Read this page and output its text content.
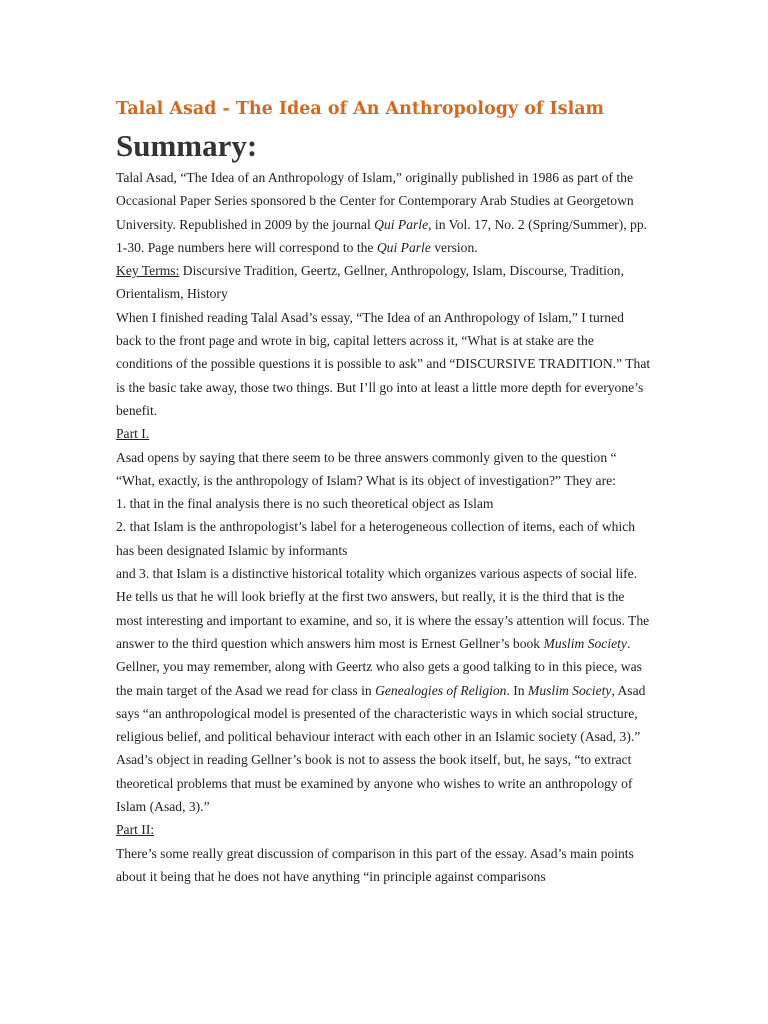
Talal Asad - The Idea of An Anthropology of Islam
Summary:

Talal Asad, “The Idea of an Anthropology of Islam,” originally published in 1986 as part of the Occasional Paper Series sponsored b the Center for Contemporary Arab Studies at Georgetown University. Republished in 2009 by the journal Qui Parle, in Vol. 17, No. 2 (Spring/Summer), pp. 1-30. Page numbers here will correspond to the Qui Parle version.

Key Terms: Discursive Tradition, Geertz, Gellner, Anthropology, Islam, Discourse, Tradition, Orientalism, History

When I finished reading Talal Asad’s essay, “The Idea of an Anthropology of Islam,” I turned back to the front page and wrote in big, capital letters across it, “What is at stake are the conditions of the possible questions it is possible to ask” and “DISCURSIVE TRADITION.” That is the basic take away, those two things. But I’ll go into at least a little more depth for everyone’s benefit.

Part I.

Asad opens by saying that there seem to be three answers commonly given to the question “ “What, exactly, is the anthropology of Islam? What is its object of investigation?” They are:

1. that in the final analysis there is no such theoretical object as Islam

2. that Islam is the anthropologist’s label for a heterogeneous collection of items, each of which has been designated Islamic by informants

and 3. that Islam is a distinctive historical totality which organizes various aspects of social life.

He tells us that he will look briefly at the first two answers, but really, it is the third that is the most interesting and important to examine, and so, it is where the essay’s attention will focus. The answer to the third question which answers him most is Ernest Gellner’s book Muslim Society. Gellner, you may remember, along with Geertz who also gets a good talking to in this piece, was the main target of the Asad we read for class in Genealogies of Religion. In Muslim Society, Asad says “an anthropological model is presented of the characteristic ways in which social structure, religious belief, and political behaviour interact with each other in an Islamic society (Asad, 3).” Asad’s object in reading Gellner’s book is not to assess the book itself, but, he says, “to extract theoretical problems that must be examined by anyone who wishes to write an anthropology of Islam (Asad, 3).”

Part II:

There’s some really great discussion of comparison in this part of the essay. Asad’s main points about it being that he does not have anything “in principle against comparisons
